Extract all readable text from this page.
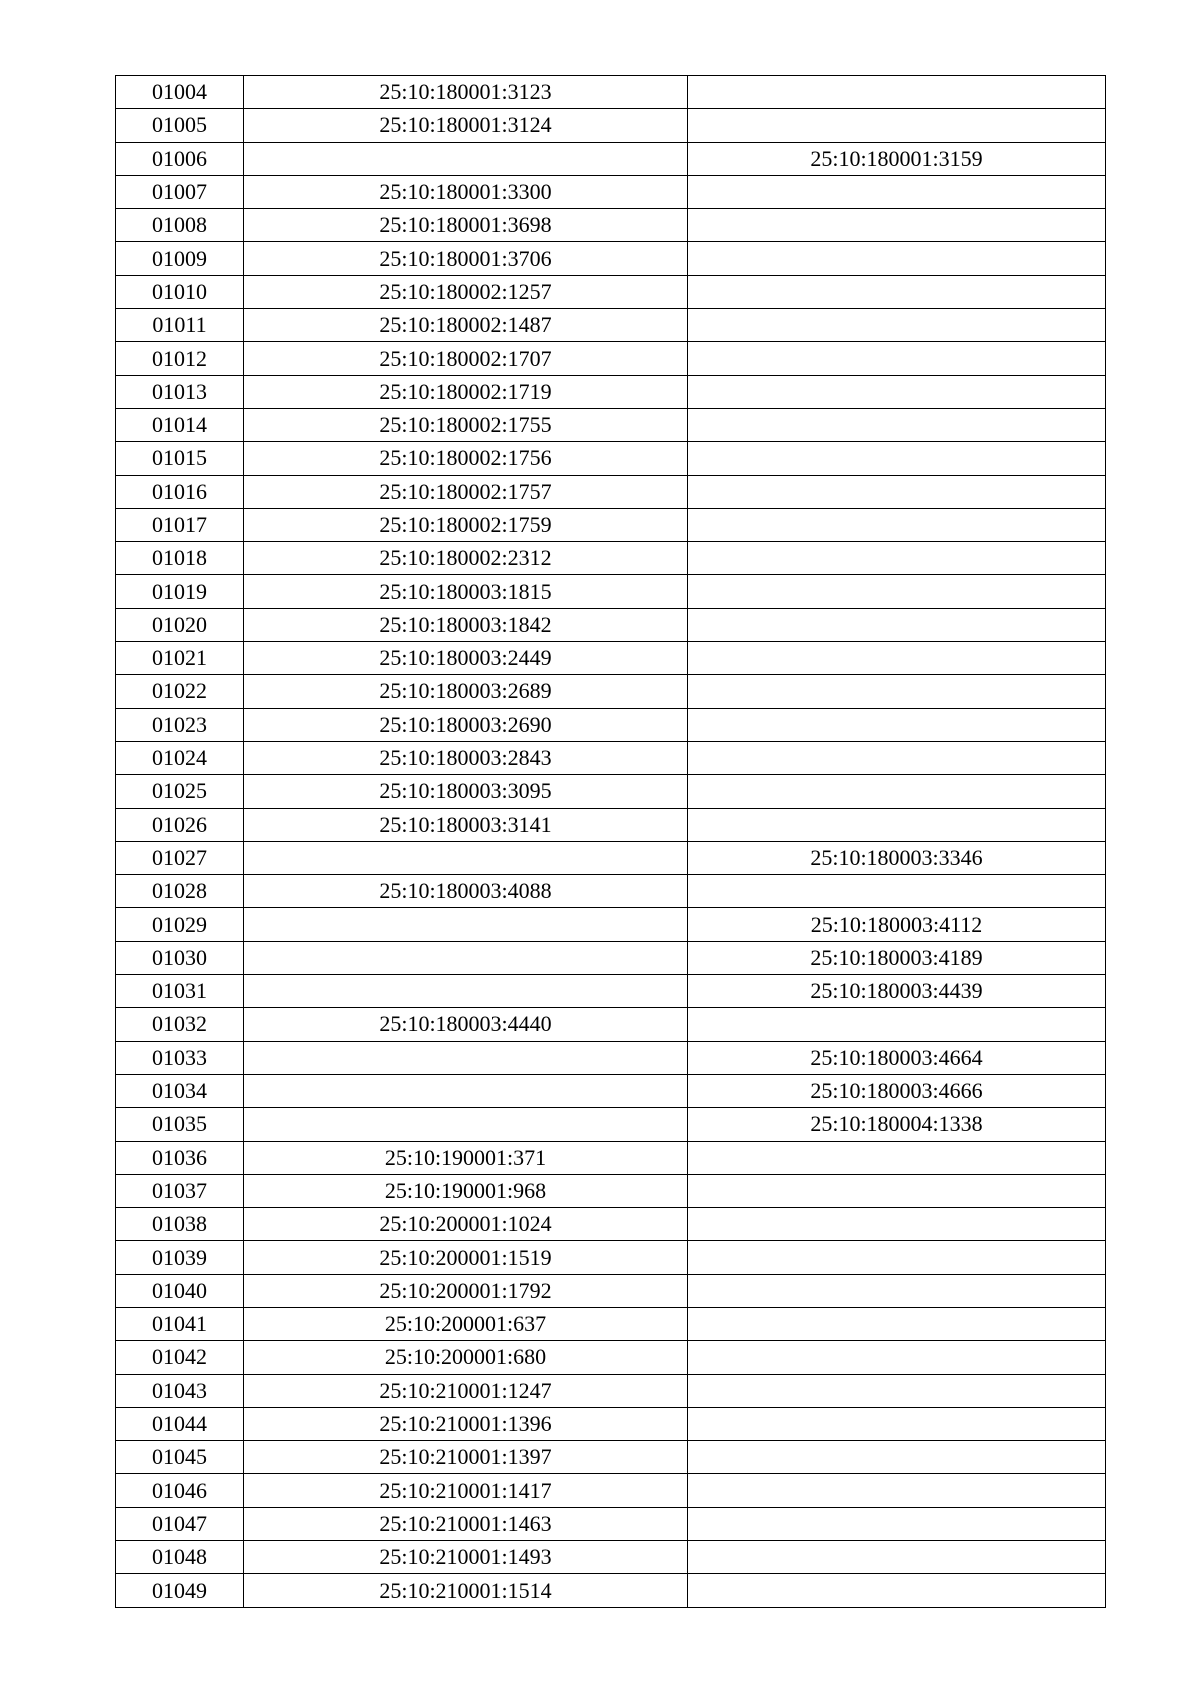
01004	25:10:180001:3123	
01005	25:10:180001:3124	
01006		25:10:180001:3159
01007	25:10:180001:3300	
01008	25:10:180001:3698	
01009	25:10:180001:3706	
01010	25:10:180002:1257	
01011	25:10:180002:1487	
01012	25:10:180002:1707	
01013	25:10:180002:1719	
01014	25:10:180002:1755	
01015	25:10:180002:1756	
01016	25:10:180002:1757	
01017	25:10:180002:1759	
01018	25:10:180002:2312	
01019	25:10:180003:1815	
01020	25:10:180003:1842	
01021	25:10:180003:2449	
01022	25:10:180003:2689	
01023	25:10:180003:2690	
01024	25:10:180003:2843	
01025	25:10:180003:3095	
01026	25:10:180003:3141	
01027		25:10:180003:3346
01028	25:10:180003:4088	
01029		25:10:180003:4112
01030		25:10:180003:4189
01031		25:10:180003:4439
01032	25:10:180003:4440	
01033		25:10:180003:4664
01034		25:10:180003:4666
01035		25:10:180004:1338
01036	25:10:190001:371	
01037	25:10:190001:968	
01038	25:10:200001:1024	
01039	25:10:200001:1519	
01040	25:10:200001:1792	
01041	25:10:200001:637	
01042	25:10:200001:680	
01043	25:10:210001:1247	
01044	25:10:210001:1396	
01045	25:10:210001:1397	
01046	25:10:210001:1417	
01047	25:10:210001:1463	
01048	25:10:210001:1493	
01049	25:10:210001:1514	
